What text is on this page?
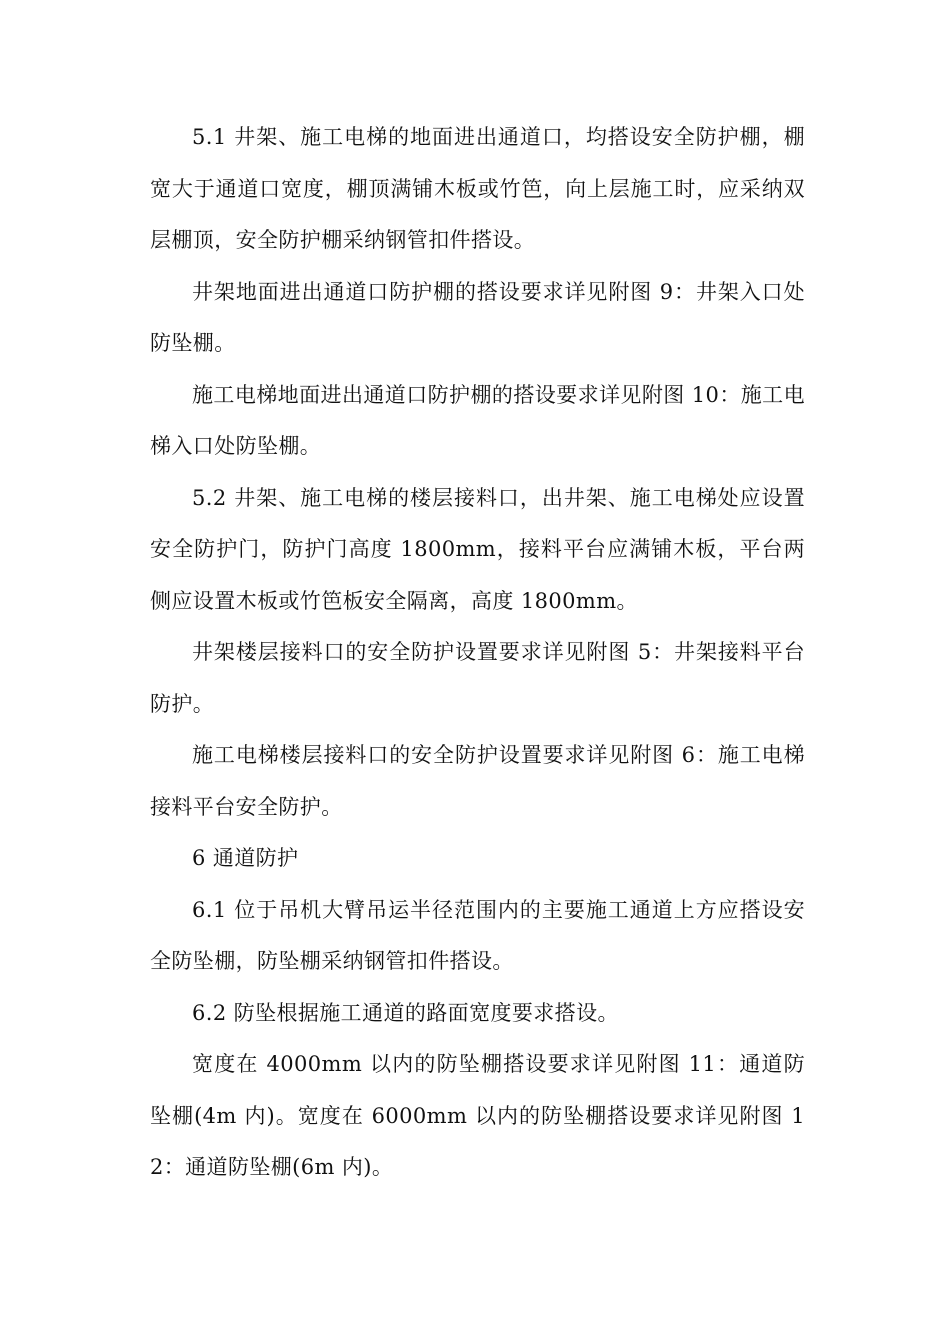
5.1 井架、施工电梯的地面进出通道口，均搭设安全防护棚，棚宽大于通道口宽度，棚顶满铺木板或竹笆，向上层施工时，应采纳双层棚顶，安全防护棚采纳钢管扣件搭设。

井架地面进出通道口防护棚的搭设要求详见附图 9：井架入口处防坠棚。

施工电梯地面进出通道口防护棚的搭设要求详见附图 10：施工电梯入口处防坠棚。

5.2 井架、施工电梯的楼层接料口，出井架、施工电梯处应设置安全防护门，防护门高度 1800mm，接料平台应满铺木板，平台两侧应设置木板或竹笆板安全隔离，高度 1800mm。

井架楼层接料口的安全防护设置要求详见附图 5：井架接料平台防护。

施工电梯楼层接料口的安全防护设置要求详见附图 6：施工电梯接料平台安全防护。

6 通道防护

6.1 位于吊机大臂吊运半径范围内的主要施工通道上方应搭设安全防坠棚，防坠棚采纳钢管扣件搭设。

6.2 防坠根据施工通道的路面宽度要求搭设。

宽度在 4000mm 以内的防坠棚搭设要求详见附图 11：通道防坠棚(4m 内)。宽度在 6000mm 以内的防坠棚搭设要求详见附图 12：通道防坠棚(6m 内)。
